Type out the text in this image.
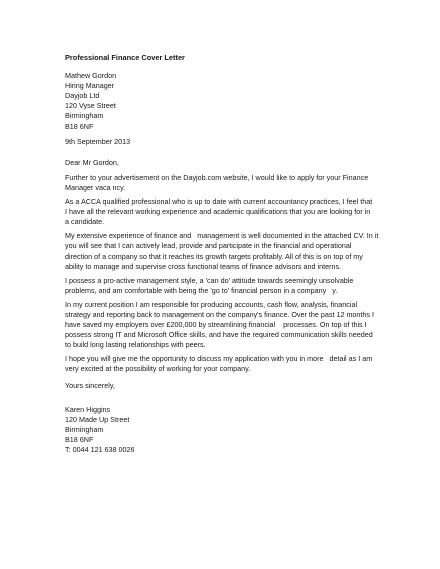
Professional Finance Cover Letter
Mathew Gordon
Hiring Manager
Dayjob Ltd
120 Vyse Street
Birmingham
B18 6NF
9th September 2013
Dear Mr Gordon,
Further to your advertisement on the Dayjob.com website, I would like to apply for your Finance
Manager vaca ncy.
As a ACCA qualified professional who is up to date with current accountancy practices, I feel that
I have all the relevant working experience and academic qualifications that you are looking for in
a candidate.
My extensive experience of finance and   management is well documented in the attached CV. In it
you will see that I can actively lead, provide and participate in the financial and operational
direction of a company so that it reaches its growth targets profitably. All of this is on top of my
ability to manage and supervise cross functional teams of finance advisors and interns.
I possess a pro-active management style, a 'can do' attitude towards seemingly unsolvable
problems, and am comfortable with being the 'go to' financial person in a company   y.
In my current position I am responsible for producing accounts, cash flow, analysis, financial
strategy and reporting back to management on the company's finance. Over the past 12 months I
have saved my employers over £200,000 by streamlining financial    processes. On top of this I
possess strong IT and Microsoft Office skills, and have the required communication skills needed
to build long lasting relationships with peers.
I hope you will give me the opportunity to discuss my application with you in more   detail as I am
very excited at the possibility of working for your company.
Yours sincerely,
Karen Higgins
120 Made Up Street
Birmingham
B18 6NF
T: 0044 121 638 0026
